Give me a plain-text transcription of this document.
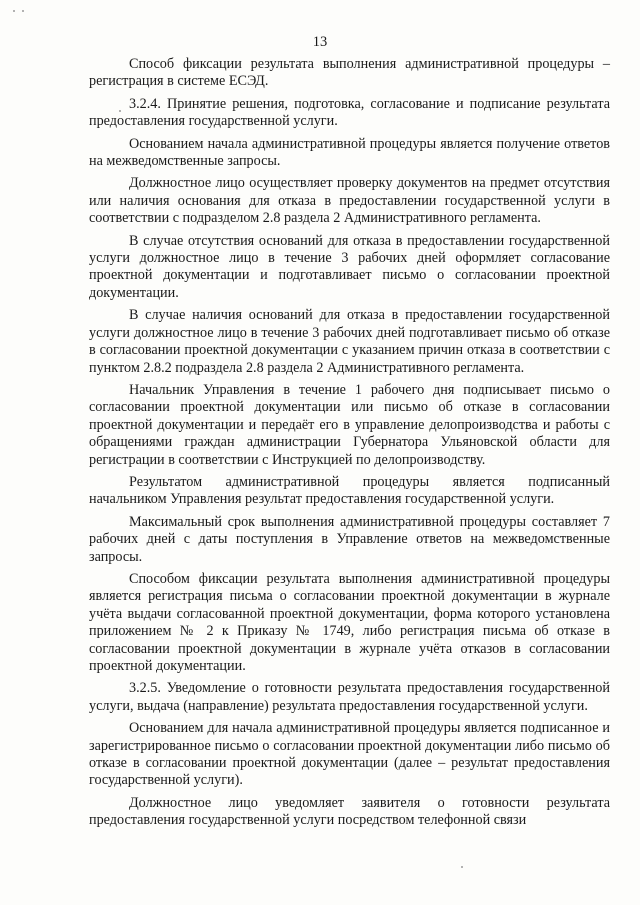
13

Способ фиксации результата выполнения административной процедуры – регистрация в системе ЕСЭД.

3.2.4. Принятие решения, подготовка, согласование и подписание результата предоставления государственной услуги.

Основанием начала административной процедуры является получение ответов на межведомственные запросы.

Должностное лицо осуществляет проверку документов на предмет отсутствия или наличия основания для отказа в предоставлении государственной услуги в соответствии с подразделом 2.8 раздела 2 Административного регламента.

В случае отсутствия оснований для отказа в предоставлении государственной услуги должностное лицо в течение 3 рабочих дней оформляет согласование проектной документации и подготавливает письмо о согласовании проектной документации.

В случае наличия оснований для отказа в предоставлении государственной услуги должностное лицо в течение 3 рабочих дней подготавливает письмо об отказе в согласовании проектной документации с указанием причин отказа в соответствии с пунктом 2.8.2 подраздела 2.8 раздела 2 Административного регламента.

Начальник Управления в течение 1 рабочего дня подписывает письмо о согласовании проектной документации или письмо об отказе в согласовании проектной документации и передаёт его в управление делопроизводства и работы с обращениями граждан администрации Губернатора Ульяновской области для регистрации в соответствии с Инструкцией по делопроизводству.

Результатом административной процедуры является подписанный начальником Управления результат предоставления государственной услуги.

Максимальный срок выполнения административной процедуры составляет 7 рабочих дней с даты поступления в Управление ответов на межведомственные запросы.

Способом фиксации результата выполнения административной процедуры является регистрация письма о согласовании проектной документации в журнале учёта выдачи согласованной проектной документации, форма которого установлена приложением № 2 к Приказу № 1749, либо регистрация письма об отказе в согласовании проектной документации в журнале учёта отказов в согласовании проектной документации.

3.2.5. Уведомление о готовности результата предоставления государственной услуги, выдача (направление) результата предоставления государственной услуги.

Основанием для начала административной процедуры является подписанное и зарегистрированное письмо о согласовании проектной документации либо письмо об отказе в согласовании проектной документации (далее – результат предоставления государственной услуги).

Должностное лицо уведомляет заявителя о готовности результата предоставления государственной услуги посредством телефонной связи
